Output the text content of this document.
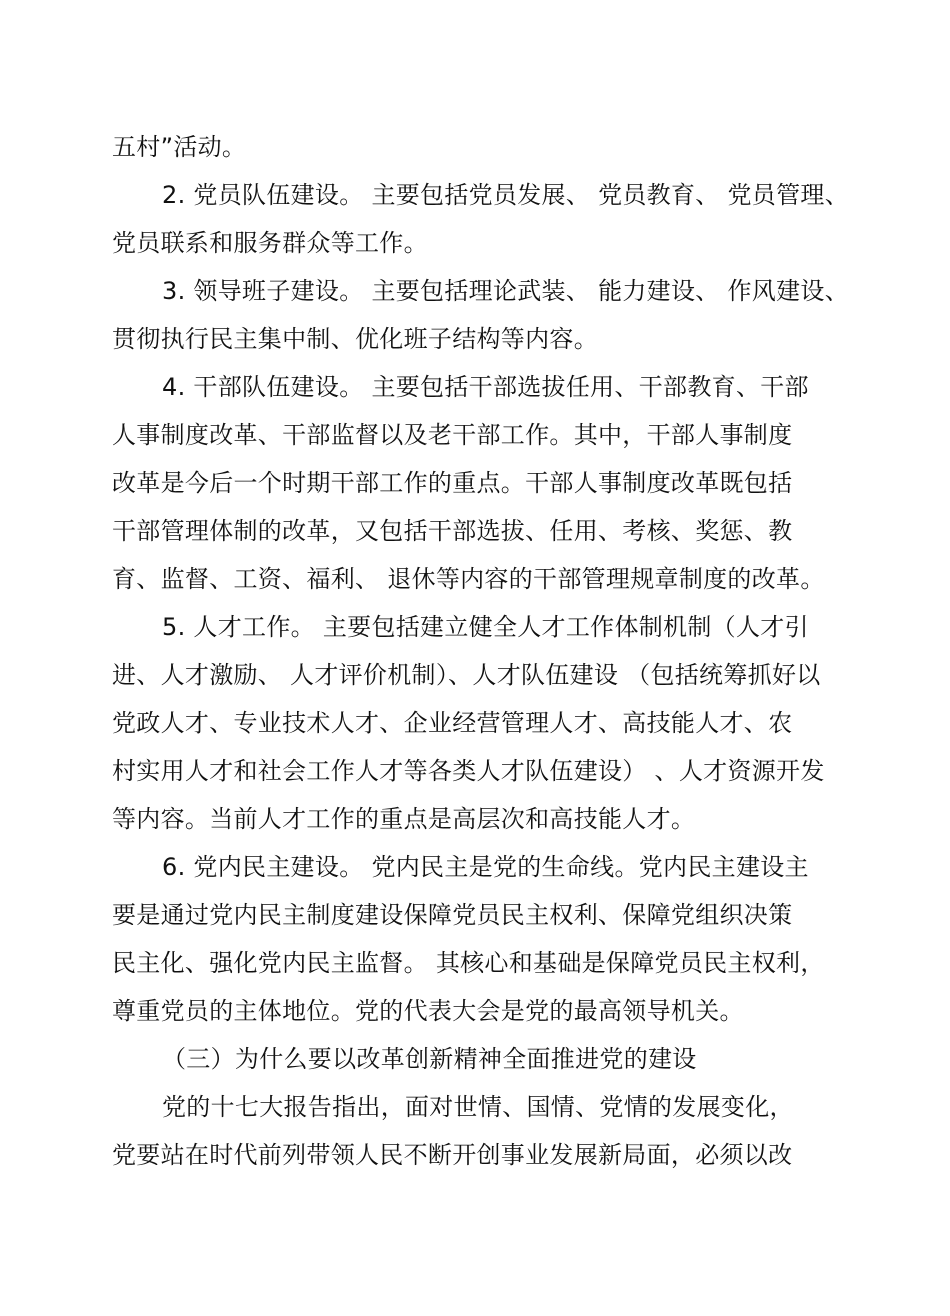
五村”活动。
2. 党员队伍建设。 主要包括党员发展、 党员教育、 党员管理、
党员联系和服务群众等工作。
3. 领导班子建设。 主要包括理论武装、 能力建设、 作风建设、
贯彻执行民主集中制、优化班子结构等内容。
4. 干部队伍建设。 主要包括干部选拔任用、干部教育、干部
人事制度改革、干部监督以及老干部工作。其中，干部人事制度
改革是今后一个时期干部工作的重点。干部人事制度改革既包括
干部管理体制的改革，又包括干部选拔、任用、考核、奖惩、教
育、监督、工资、福利、 退休等内容的干部管理规章制度的改革。
5. 人才工作。 主要包括建立健全人才工作体制机制（人才引
进、人才激励、 人才评价机制）、人才队伍建设 （包括统筹抓好以
党政人才、专业技术人才、企业经营管理人才、高技能人才、农
村实用人才和社会工作人才等各类人才队伍建设） 、人才资源开发
等内容。当前人才工作的重点是高层次和高技能人才。
6. 党内民主建设。 党内民主是党的生命线。党内民主建设主
要是通过党内民主制度建设保障党员民主权利、保障党组织决策
民主化、强化党内民主监督。 其核心和基础是保障党员民主权利，
尊重党员的主体地位。党的代表大会是党的最高领导机关。
（三）为什么要以改革创新精神全面推进党的建设
党的十七大报告指出，面对世情、国情、党情的发展变化，
党要站在时代前列带领人民不断开创事业发展新局面，必须以改
